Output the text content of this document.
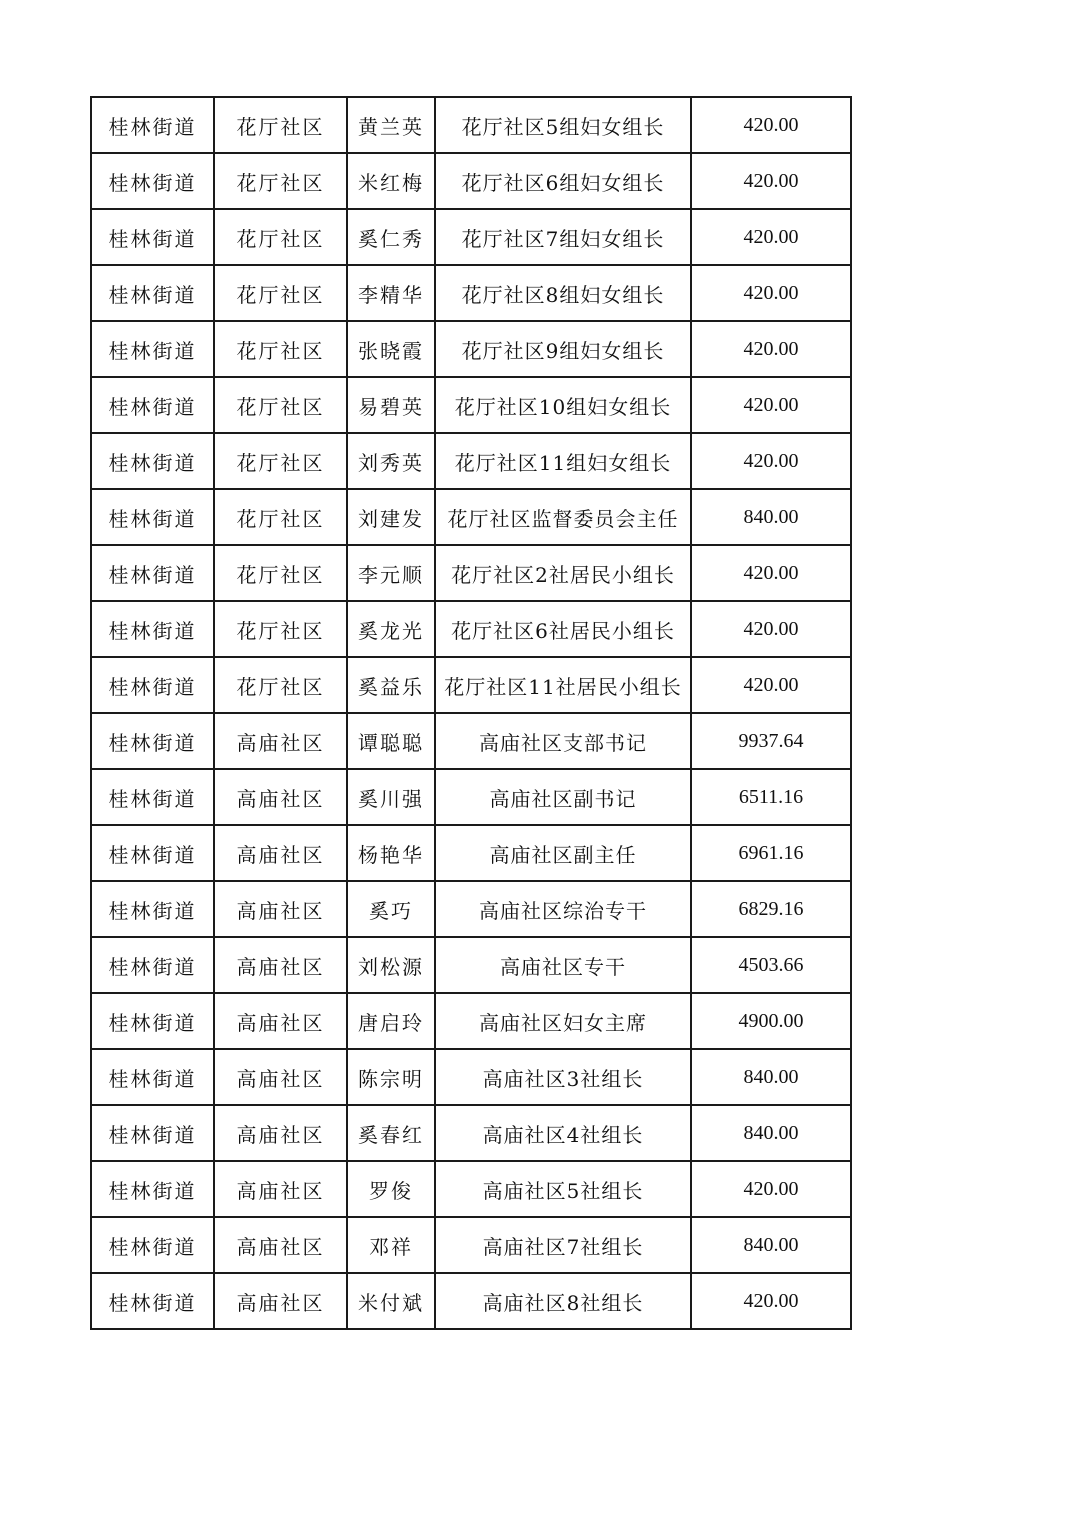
桂林街道	花厅社区	黄兰英	花厅社区5组妇女组长	420.00
桂林街道	花厅社区	米红梅	花厅社区6组妇女组长	420.00
桂林街道	花厅社区	奚仁秀	花厅社区7组妇女组长	420.00
桂林街道	花厅社区	李精华	花厅社区8组妇女组长	420.00
桂林街道	花厅社区	张晓霞	花厅社区9组妇女组长	420.00
桂林街道	花厅社区	易碧英	花厅社区10组妇女组长	420.00
桂林街道	花厅社区	刘秀英	花厅社区11组妇女组长	420.00
桂林街道	花厅社区	刘建发	花厅社区监督委员会主任	840.00
桂林街道	花厅社区	李元顺	花厅社区2社居民小组长	420.00
桂林街道	花厅社区	奚龙光	花厅社区6社居民小组长	420.00
桂林街道	花厅社区	奚益乐	花厅社区11社居民小组长	420.00
桂林街道	高庙社区	谭聪聪	高庙社区支部书记	9937.64
桂林街道	高庙社区	奚川强	高庙社区副书记	6511.16
桂林街道	高庙社区	杨艳华	高庙社区副主任	6961.16
桂林街道	高庙社区	奚巧	高庙社区综治专干	6829.16
桂林街道	高庙社区	刘松源	高庙社区专干	4503.66
桂林街道	高庙社区	唐启玲	高庙社区妇女主席	4900.00
桂林街道	高庙社区	陈宗明	高庙社区3社组长	840.00
桂林街道	高庙社区	奚春红	高庙社区4社组长	840.00
桂林街道	高庙社区	罗俊	高庙社区5社组长	420.00
桂林街道	高庙社区	邓祥	高庙社区7社组长	840.00
桂林街道	高庙社区	米付斌	高庙社区8社组长	420.00
